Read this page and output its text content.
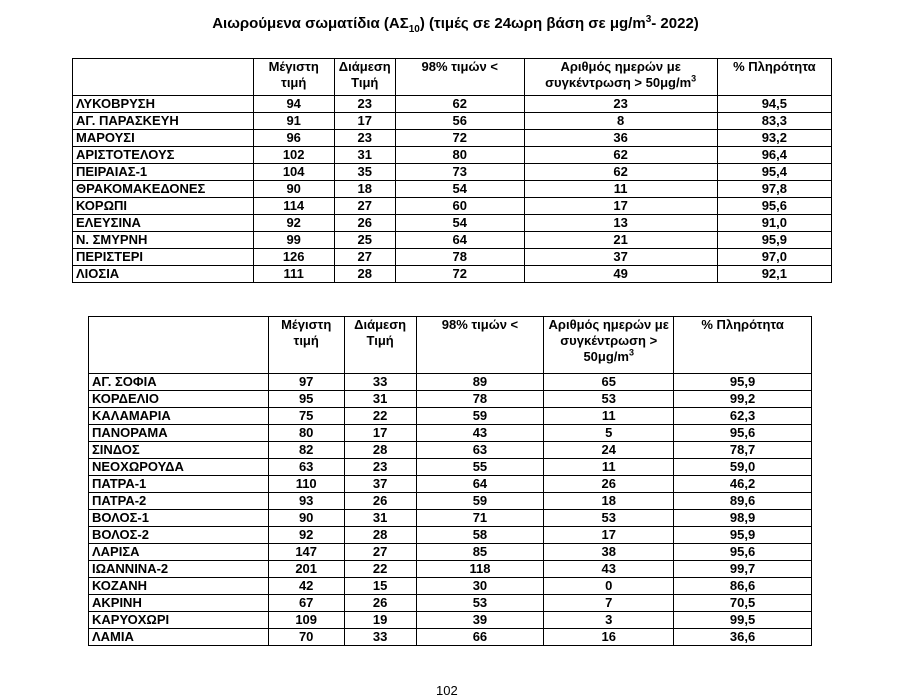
Αιωρούμενα σωματίδια $(A\Sigma_{10})$ (τιμές σε 24ωρη βάση σε $\mu g/m^3-$ 2022)
	Μέγιστη τιμή	Διάμεση Τιμή	98% τιμών <	Αριθμός ημερών με $\sigma\upsilon\gamma\kappa έ\nu\tau\rho\omega\sigma\eta > 50\mu g/m^3$	% Πληρότητα
ΛΥΚΟΒΡΥΣΗ	94	23	62	23	94,5
ΑΓ. ΠΑΡΑΣΚΕΥΗ	91	17	56	8	83,3
ΜΑΡΟΥΣΙ	96	23	72	36	93,2
ΑΡΙΣΤΟΤΕΛΟΥΣ	102	31	80	62	96,4
ΠΕΙΡΑΙΑΣ-1	104	35	73	62	95,4
ΘΡΑΚΟΜΑΚΕΔΟΝΕΣ	90	18	54	11	97,8
ΚΟΡΩΠΙ	114	27	60	17	95,6
ΕΛΕΥΣΙΝΑ	92	26	54	13	91,0
Ν. ΣΜΥΡΝΗ	99	25	64	21	95,9
ΠΕΡΙΣΤΕΡΙ	126	27	78	37	97,0
ΛΙΟΣΙΑ	111	28	72	49	92,1
	Μέγιστη τιμή	Διάμεση Τιμή	98% τιμών <	Αριθμός ημερών με $\sigma\upsilon\gamma\kappa έ\nu\tau\rho\omega\sigma\eta > 50\mu g/m^3$	% Πληρότητα
ΑΓ. ΣΟΦΙΑ	97	33	89	65	95,9
ΚΟΡΔΕΛΙΟ	95	31	78	53	99,2
ΚΑΛΑΜΑΡΙΑ	75	22	59	11	62,3
ΠΑΝΟΡΑΜΑ	80	17	43	5	95,6
ΣΙΝΔΟΣ	82	28	63	24	78,7
ΝΕΟΧΩΡΟΥΔΑ	63	23	55	11	59,0
ΠΑΤΡΑ-1	110	37	64	26	46,2
ΠΑΤΡΑ-2	93	26	59	18	89,6
ΒΟΛΟΣ-1	90	31	71	53	98,9
ΒΟΛΟΣ-2	92	28	58	17	95,9
ΛΑΡΙΣΑ	147	27	85	38	95,6
ΙΩΑΝΝΙΝΑ-2	201	22	118	43	99,7
ΚΟΖΑΝΗ	42	15	30	0	86,6
ΑΚΡΙΝΗ	67	26	53	7	70,5
ΚΑΡΥΟΧΩΡΙ	109	19	39	3	99,5
ΛΑΜΙΑ	70	33	66	16	36,6
102
